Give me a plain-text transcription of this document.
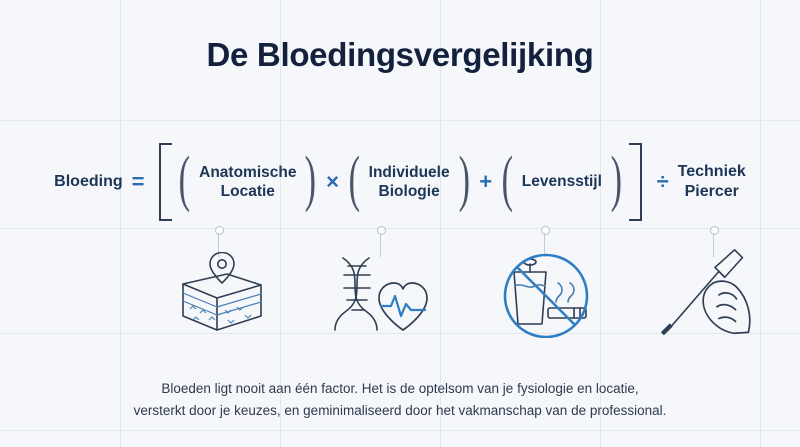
De Bloedingsvergelijking
Bloeding = ( Anatomische
Locatie ) × ( Individuele
Biologie ) + ( Levensstijl ) ÷ Techniek
Piercer
Bloeden ligt nooit aan één factor. Het is de optelsom van je fysiologie en locatie,
versterkt door je keuzes, en geminimaliseerd door het vakmanschap van de professional.
